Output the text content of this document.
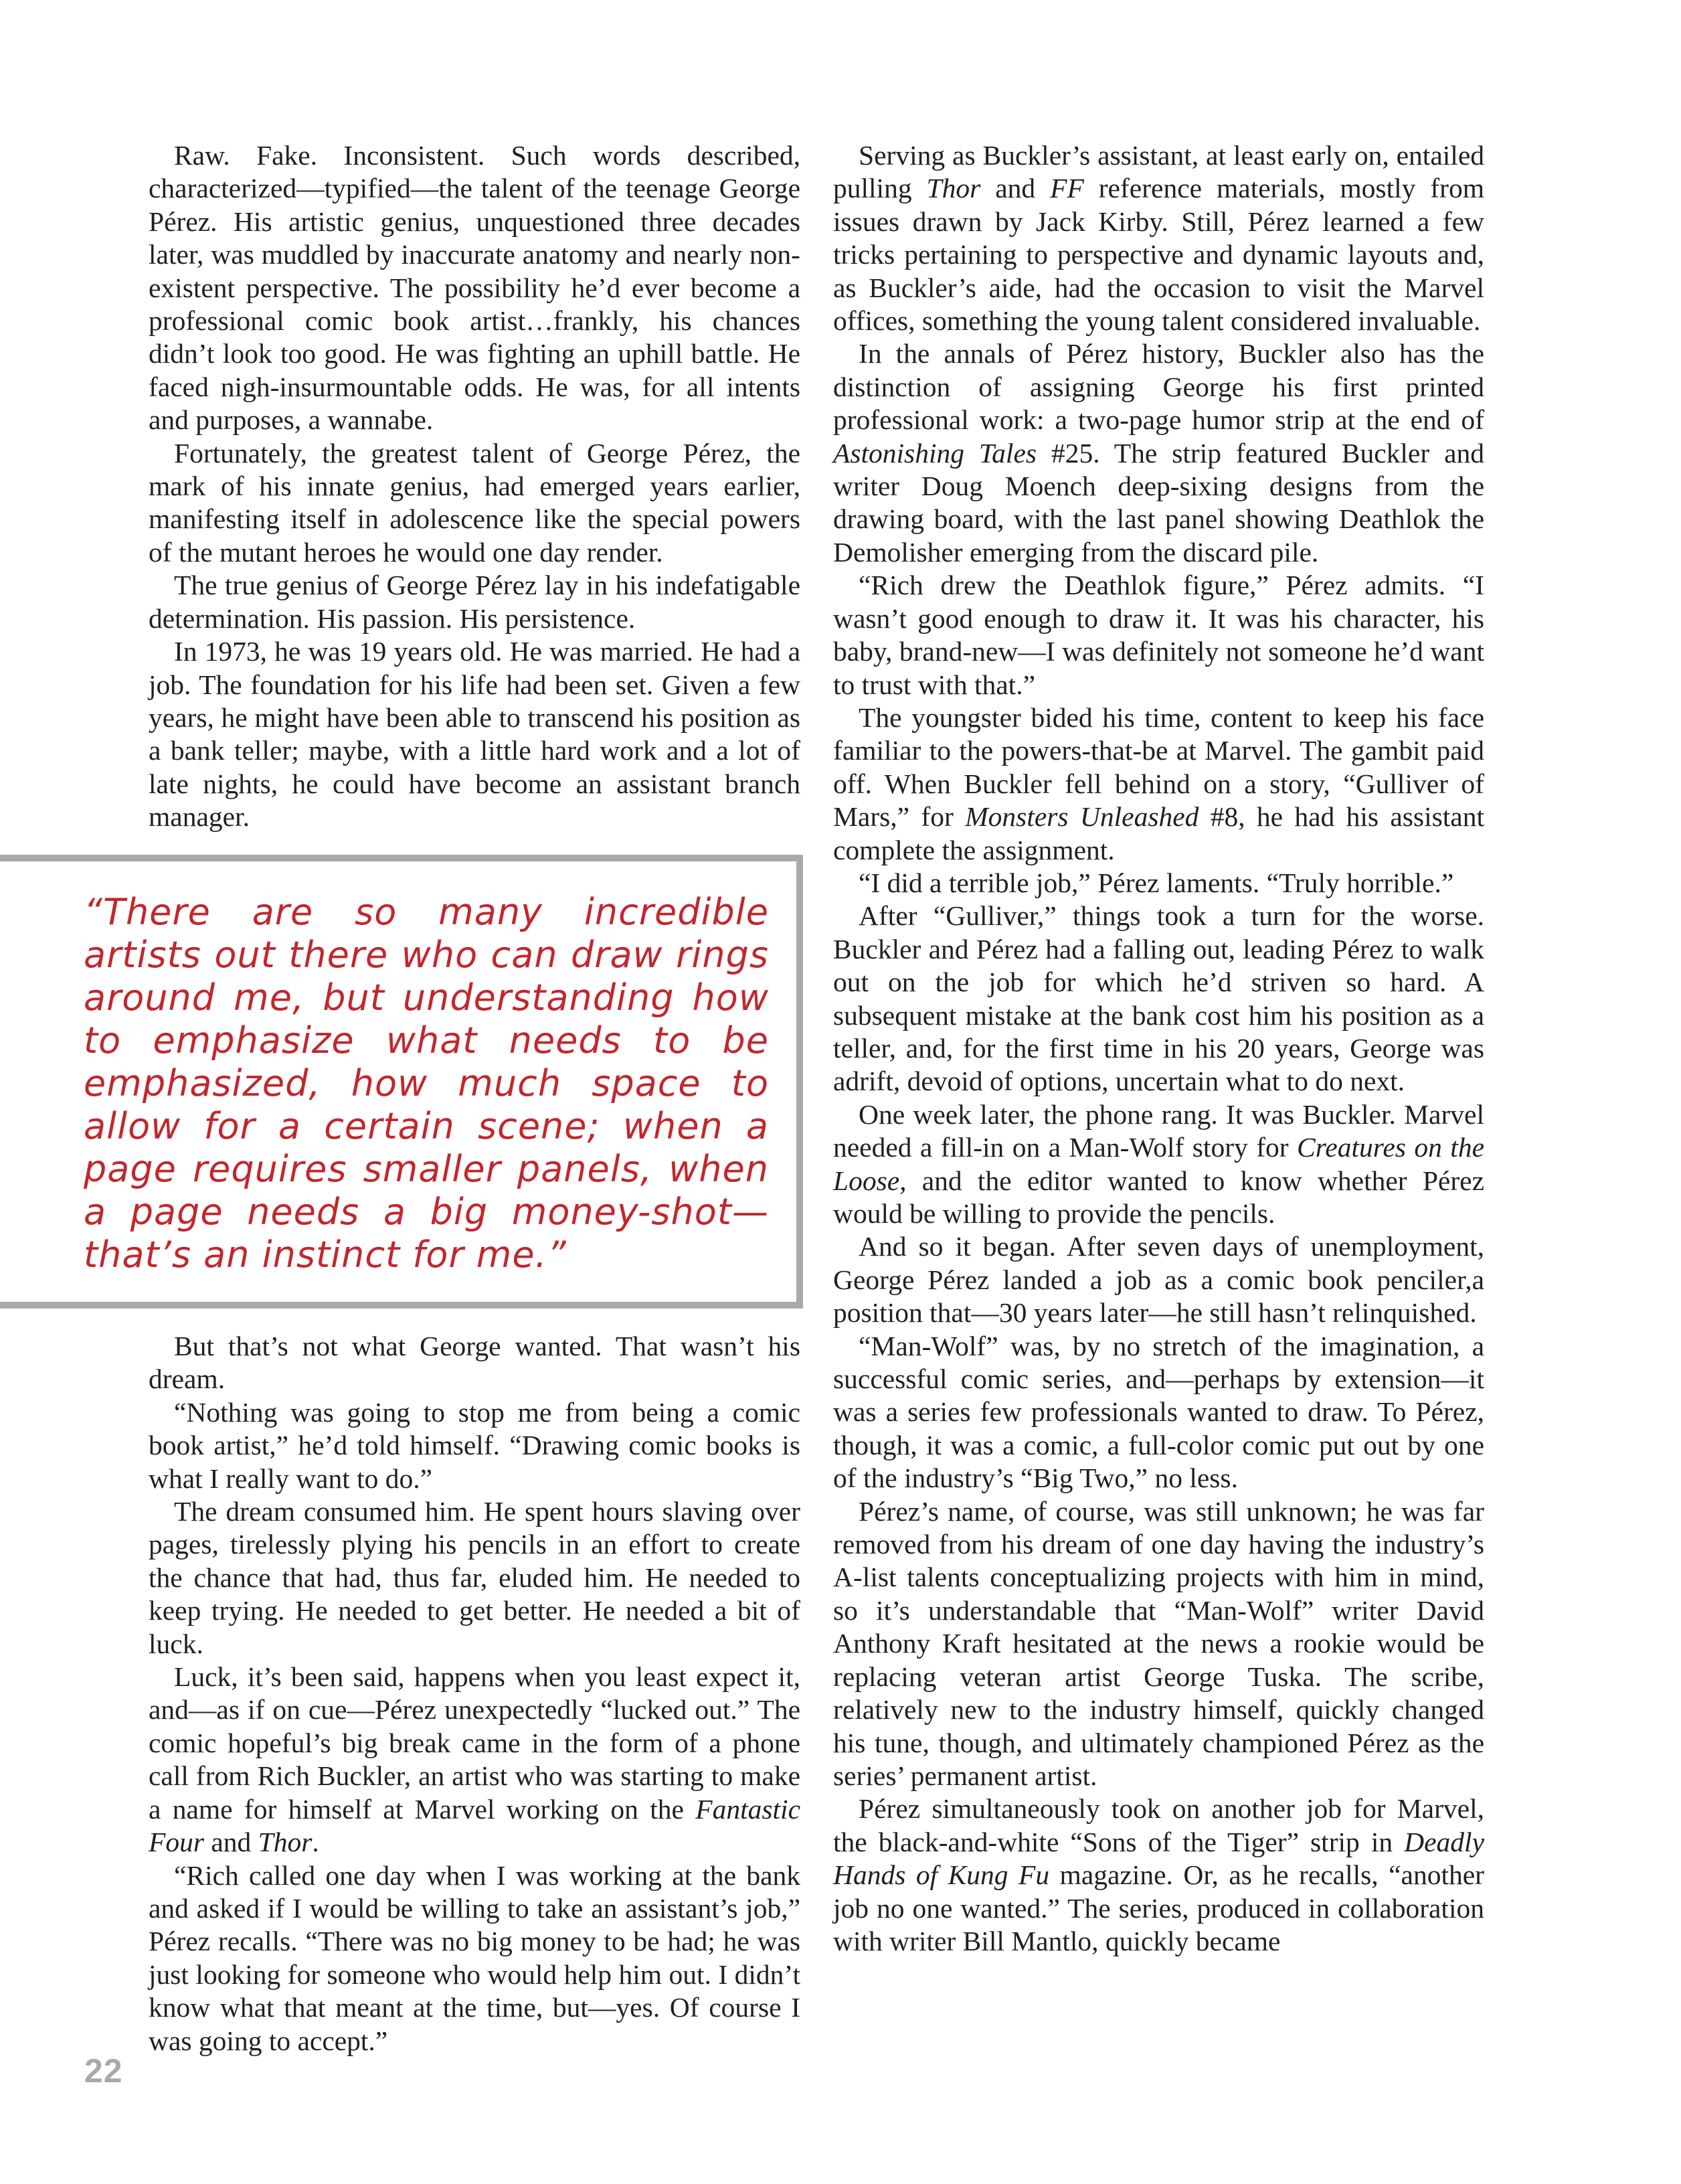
Raw. Fake. Inconsistent. Such words described, characterized—typified—the talent of the teenage George Pérez. His artistic genius, unquestioned three decades later, was muddled by inaccurate anatomy and nearly non-existent perspective. The possibility he’d ever become a professional comic book artist…frankly, his chances didn’t look too good. He was fighting an uphill battle. He faced nigh-insurmountable odds. He was, for all intents and purposes, a wannabe.

Fortunately, the greatest talent of George Pérez, the mark of his innate genius, had emerged years earlier, manifesting itself in adolescence like the special powers of the mutant heroes he would one day render.

The true genius of George Pérez lay in his indefatigable determination. His passion. His persistence.

In 1973, he was 19 years old. He was married. He had a job. The foundation for his life had been set. Given a few years, he might have been able to transcend his position as a bank teller; maybe, with a little hard work and a lot of late nights, he could have become an assistant branch manager.

“There are so many incredible artists out there who can draw rings around me, but understanding how to emphasize what needs to be emphasized, how much space to allow for a certain scene; when a page requires smaller panels, when a page needs a big money-shot—that’s an instinct for me.”

But that’s not what George wanted. That wasn’t his dream.

“Nothing was going to stop me from being a comic book artist,” he’d told himself. “Drawing comic books is what I really want to do.”

The dream consumed him. He spent hours slaving over pages, tirelessly plying his pencils in an effort to create the chance that had, thus far, eluded him. He needed to keep trying. He needed to get better. He needed a bit of luck.

Luck, it’s been said, happens when you least expect it, and—as if on cue—Pérez unexpectedly “lucked out.” The comic hopeful’s big break came in the form of a phone call from Rich Buckler, an artist who was starting to make a name for himself at Marvel working on the Fantastic Four and Thor.

“Rich called one day when I was working at the bank and asked if I would be willing to take an assistant’s job,” Pérez recalls. “There was no big money to be had; he was just looking for someone who would help him out. I didn’t know what that meant at the time, but—yes. Of course I was going to accept.”

Serving as Buckler’s assistant, at least early on, entailed pulling Thor and FF reference materials, mostly from issues drawn by Jack Kirby. Still, Pérez learned a few tricks pertaining to perspective and dynamic layouts and, as Buckler’s aide, had the occasion to visit the Marvel offices, something the young talent considered invaluable.

In the annals of Pérez history, Buckler also has the distinction of assigning George his first printed professional work: a two-page humor strip at the end of Astonishing Tales #25. The strip featured Buckler and writer Doug Moench deep-sixing designs from the drawing board, with the last panel showing Deathlok the Demolisher emerging from the discard pile.

“Rich drew the Deathlok figure,” Pérez admits. “I wasn’t good enough to draw it. It was his character, his baby, brand-new—I was definitely not someone he’d want to trust with that.”

The youngster bided his time, content to keep his face familiar to the powers-that-be at Marvel. The gambit paid off. When Buckler fell behind on a story, “Gulliver of Mars,” for Monsters Unleashed #8, he had his assistant complete the assignment.

“I did a terrible job,” Pérez laments. “Truly horrible.”

After “Gulliver,” things took a turn for the worse. Buckler and Pérez had a falling out, leading Pérez to walk out on the job for which he’d striven so hard. A subsequent mistake at the bank cost him his position as a teller, and, for the first time in his 20 years, George was adrift, devoid of options, uncertain what to do next.

One week later, the phone rang. It was Buckler. Marvel needed a fill-in on a Man-Wolf story for Creatures on the Loose, and the editor wanted to know whether Pérez would be willing to provide the pencils.

And so it began. After seven days of unemployment, George Pérez landed a job as a comic book penciler,a position that—30 years later—he still hasn’t relinquished.

“Man-Wolf” was, by no stretch of the imagination, a successful comic series, and—perhaps by extension—it was a series few professionals wanted to draw. To Pérez, though, it was a comic, a full-color comic put out by one of the industry’s “Big Two,” no less.

Pérez’s name, of course, was still unknown; he was far removed from his dream of one day having the industry’s A-list talents conceptualizing projects with him in mind, so it’s understandable that “Man-Wolf” writer David Anthony Kraft hesitated at the news a rookie would be replacing veteran artist George Tuska. The scribe, relatively new to the industry himself, quickly changed his tune, though, and ultimately championed Pérez as the series’ permanent artist.

Pérez simultaneously took on another job for Marvel, the black-and-white “Sons of the Tiger” strip in Deadly Hands of Kung Fu magazine. Or, as he recalls, “another job no one wanted.” The series, produced in collaboration with writer Bill Mantlo, quickly became

22
